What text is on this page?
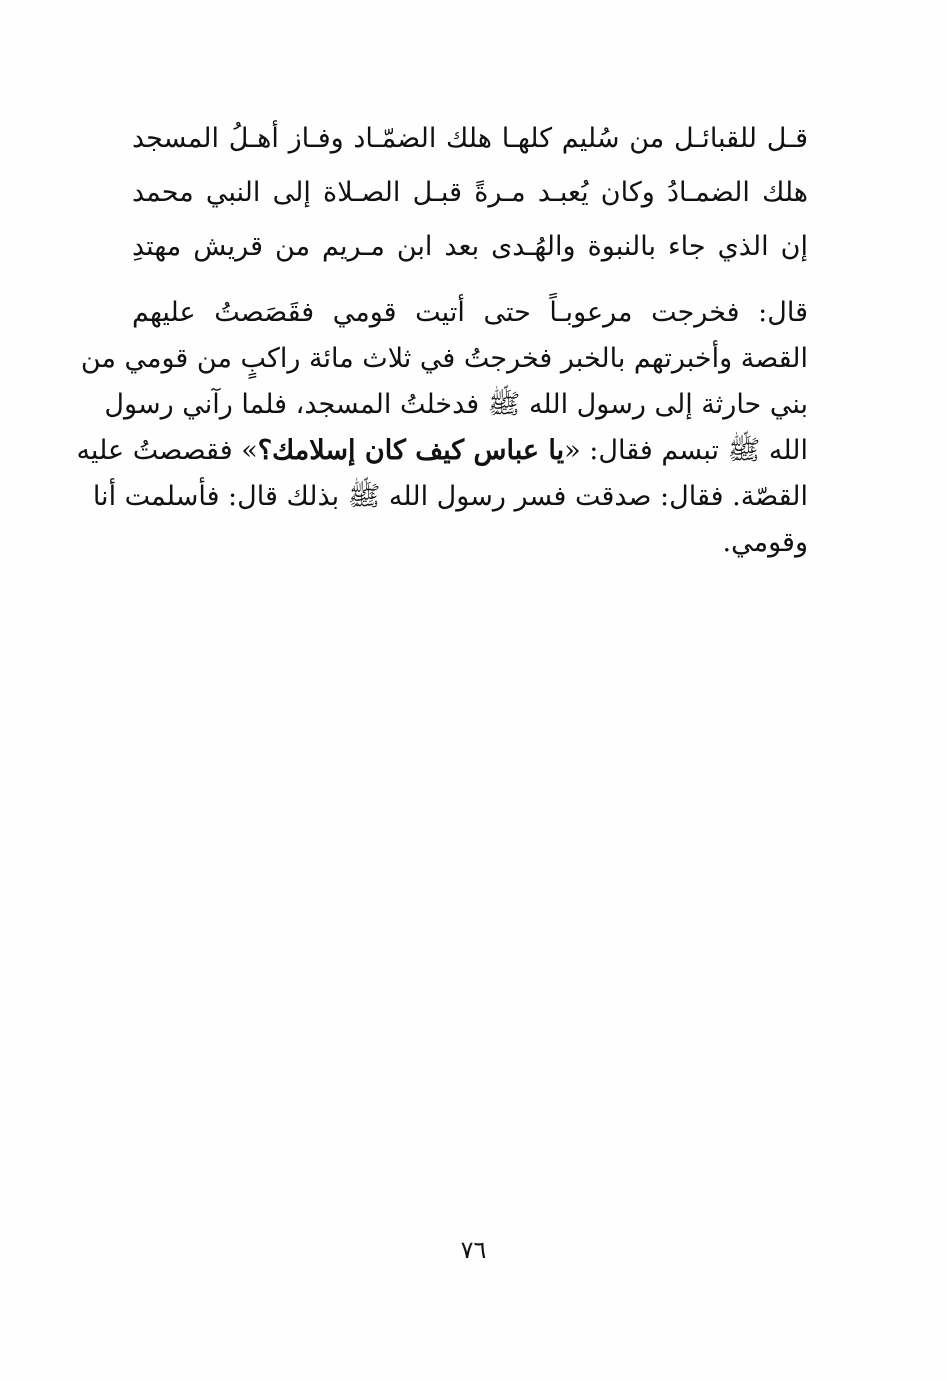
قـل للقبائـل من سُليم كلهـا هلك الضمّـاد وفـاز أهـلُ المسجد
هلك الضمـادُ وكان يُعبـد مـرةً قبـل الصـلاة إلى النبي محمد
إن الذي جاء بالنبوة والهُـدى بعد ابن مـريم من قريش مهتدِ
قال: فخرجت مرعوبـاً حتى أتيت قومي فقَصَصتُ عليهم
القصة وأخبرتهم بالخبر فخرجتُ في ثلاث مائة راكبٍ من قومي من
بني حارثة إلى رسول الله ﷺ فدخلتُ المسجد، فلما رآني رسول
الله ﷺ تبسم فقال: «يا عباس كيف كان إسلامك؟» فقصصتُ عليه
القصّة. فقال: صدقت فسر رسول الله ﷺ بذلك قال: فأسلمت أنا
وقومي.
٧٦
